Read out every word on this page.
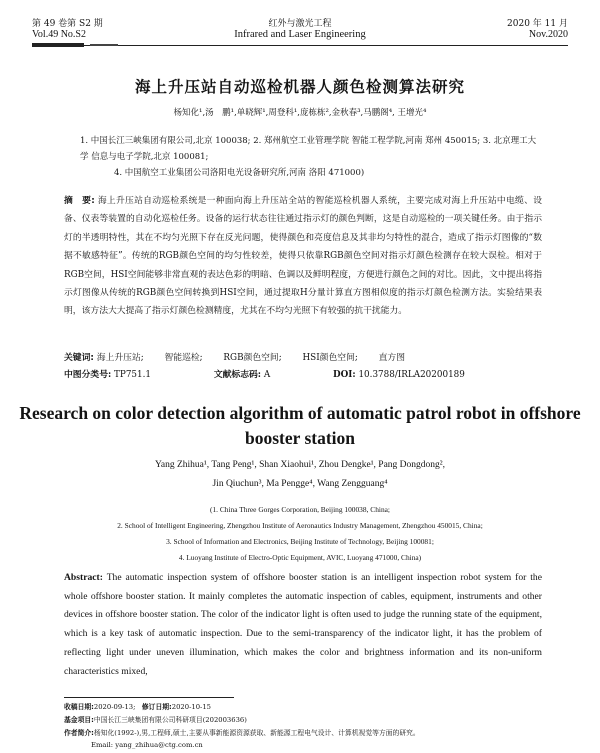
第 49 卷第 S2 期	红外与激光工程	2020 年 11 月
Vol.49 No.S2	Infrared and Laser Engineering	Nov.2020
海上升压站自动巡检机器人颜色检测算法研究
杨知化¹,汤　鹏¹,单晓辉¹,周登科¹,庞栋栋²,金秋春³,马鹏阁⁴, 王增光⁴
1. 中国长江三峡集团有限公司,北京 100038; 2. 郑州航空工业管理学院 智能工程学院,河南 郑州 450015; 3. 北京理工大学 信息与电子学院,北京 100081;
4. 中国航空工业集团公司洛阳电光设备研究所,河南 洛阳 471000)
摘　要: 海上升压站自动巡检系统是一种面向海上升压站全站的智能巡检机器人系统，主要完成对海上升压站中电缆、设备、仪表等装置的自动化巡检任务。设备的运行状态往往通过指示灯的颜色判断，这是自动巡检的一项关键任务。由于指示灯的半透明特性，其在不均匀光照下存在反光问题，使得颜色和亮度信息及其非均匀特性的混合，造成了指示灯图像的“数据不敏感特征”。传统的RGB颜色空间的均匀性较差，使得只依靠RGB颜色空间对指示灯颜色检测存在较大误检。相对于RGB空间，HSI空间能够非常直观的表达色彩的明暗、色调以及鲜明程度，方便进行颜色之间的对比。因此，文中提出将指示灯图像从传统的RGB颜色空间转换到HSI空间，通过提取H分量计算直方图相似度的指示灯颜色检测方法。实验结果表明，该方法大大提高了指示灯颜色检测精度，尤其在不均匀光照下有较强的抗干扰能力。
关键词: 海上升压站; 智能巡检; RGB颜色空间; HSI颜色空间; 直方图
中图分类号: TP751.1	文献标志码: A	DOI: 10.3788/IRLA20200189
Research on color detection algorithm of automatic patrol robot in offshore booster station
Yang Zhihua¹, Tang Peng¹, Shan Xiaohui¹, Zhou Dengke¹, Pang Dongdong²,
Jin Qiuchun³, Ma Pengge⁴, Wang Zengguang⁴
(1. China Three Gorges Corporation, Beijing 100038, China;
2. School of Intelligent Engineering, Zhengzhou Institute of Aeronautics Industry Management, Zhengzhou 450015, China;
3. School of Information and Electronics, Beijing Institute of Technology, Beijing 100081;
4. Luoyang Institute of Electro-Optic Equipment, AVIC, Luoyang 471000, China)
Abstract: The automatic inspection system of offshore booster station is an intelligent inspection robot system for the whole offshore booster station. It mainly completes the automatic inspection of cables, equipment, instruments and other devices in offshore booster station. The color of the indicator light is often used to judge the running state of the equipment, which is a key task of automatic inspection. Due to the semi-transparency of the indicator light, it has the problem of reflecting light under uneven illumination, which makes the color and brightness information and its non-uniform characteristics mixed,
收稿日期:2020-09-13; 修订日期:2020-10-15
基金项目:中国长江三峡集团有限公司科研项目(202003636)
作者简介:杨知化(1992-),男,工程师,硕士,主要从事新能源资源获取、新能源工程电气设计、计算机视觉等方面的研究。
Email: yang_zhihua@ctg.com.cn
